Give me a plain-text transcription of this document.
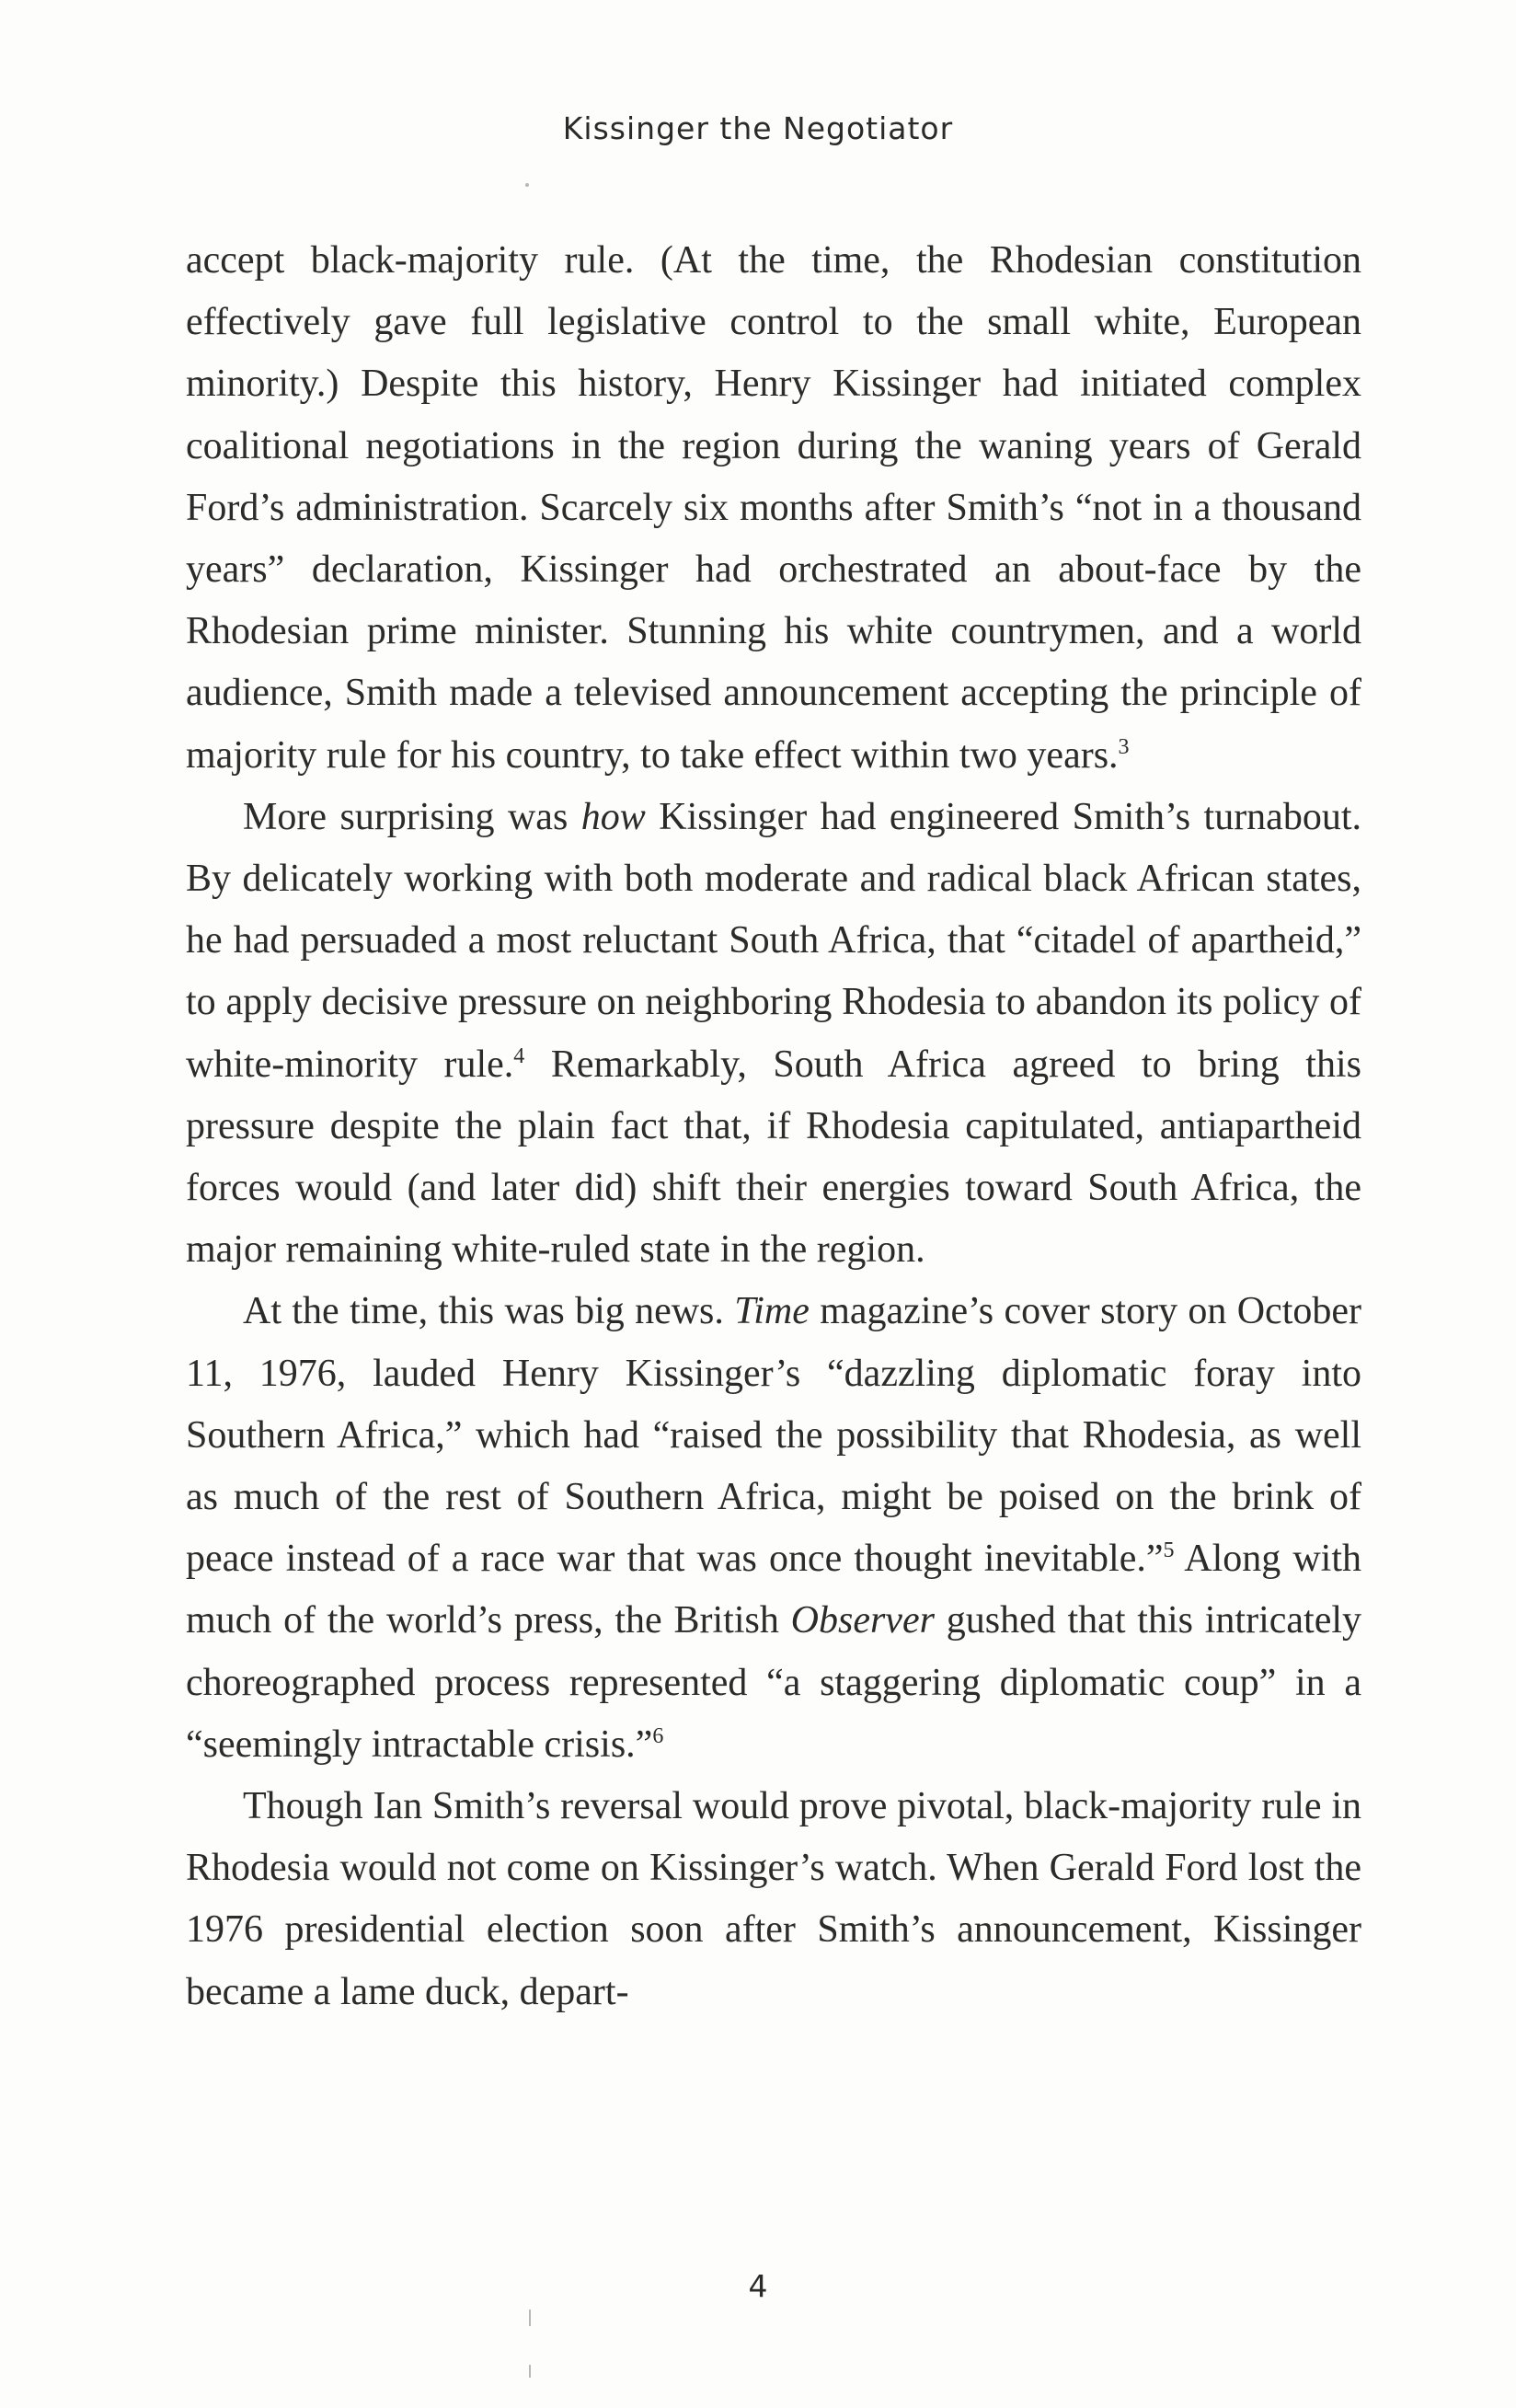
Kissinger the Negotiator

accept black-majority rule. (At the time, the Rhodesian constitution effectively gave full legislative control to the small white, European minority.) Despite this history, Henry Kissinger had initiated complex coalitional negotiations in the region during the waning years of Gerald Ford’s administration. Scarcely six months after Smith’s “not in a thousand years” declaration, Kissinger had orchestrated an about-face by the Rhodesian prime minister. Stunning his white countrymen, and a world audience, Smith made a televised announcement accepting the principle of majority rule for his country, to take effect within two years.$^3$

More surprising was how Kissinger had engineered Smith’s turnabout. By delicately working with both moderate and radical black African states, he had persuaded a most reluctant South Africa, that “citadel of apartheid,” to apply decisive pressure on neighboring Rhodesia to abandon its policy of white-minority rule.$^4$ Remarkably, South Africa agreed to bring this pressure despite the plain fact that, if Rhodesia capitulated, antiapartheid forces would (and later did) shift their energies toward South Africa, the major remaining white-ruled state in the region.

At the time, this was big news. Time magazine’s cover story on October 11, 1976, lauded Henry Kissinger’s “dazzling diplomatic foray into Southern Africa,” which had “raised the possibility that Rhodesia, as well as much of the rest of Southern Africa, might be poised on the brink of peace instead of a race war that was once thought inevitable.”$^5$ Along with much of the world’s press, the British Observer gushed that this intricately choreographed process represented “a staggering diplomatic coup” in a “seemingly intractable crisis.”$^6$

Though Ian Smith’s reversal would prove pivotal, black-majority rule in Rhodesia would not come on Kissinger’s watch. When Gerald Ford lost the 1976 presidential election soon after Smith’s announcement, Kissinger became a lame duck, depart-

4
